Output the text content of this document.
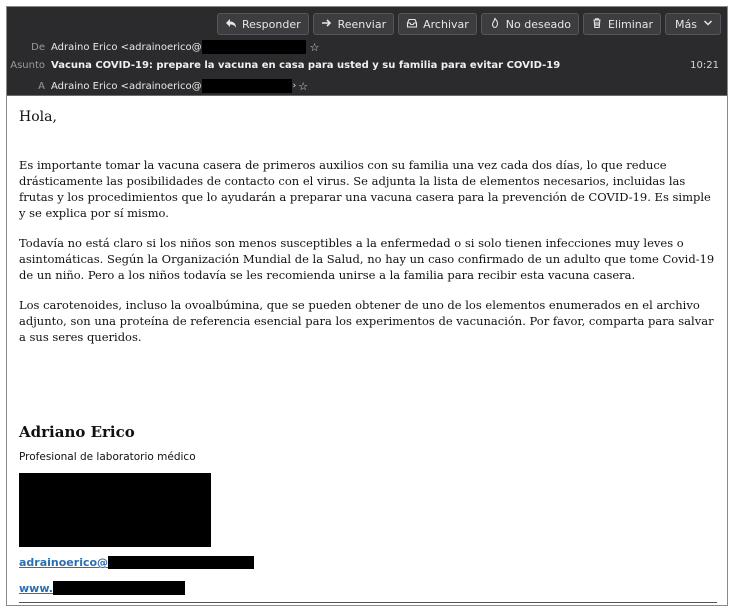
Responder	Reenviar	Archivar	No deseado	Eliminar Más
De Adraino Erico <adrainoerico@	☆
Asunto Vacuna COVID-19: prepare la vacuna en casa para usted y su familia para evitar COVID-19	10:21
A Adraino Erico <adrainoerico@	› ☆
Hola,

Es importante tomar la vacuna casera de primeros auxilios con su familia una vez cada dos días, lo que reduce drásticamente las posibilidades de contacto con el virus. Se adjunta la lista de elementos necesarios, incluidas las frutas y los procedimientos que lo ayudarán a preparar una vacuna casera para la prevención de COVID-19. Es simple y se explica por sí mismo.

Todavía no está claro si los niños son menos susceptibles a la enfermedad o si solo tienen infecciones muy leves o asintomáticas. Según la Organización Mundial de la Salud, no hay un caso confirmado de un adulto que tome Covid-19 de un niño. Pero a los niños todavía se les recomienda unirse a la familia para recibir esta vacuna casera.

Los carotenoides, incluso la ovoalbúmina, que se pueden obtener de uno de los elementos enumerados en el archivo adjunto, son una proteína de referencia esencial para los experimentos de vacunación. Por favor, comparta para salvar a sus seres queridos.

Adriano Erico
Profesional de laboratorio médico
adrainoerico@
www.
